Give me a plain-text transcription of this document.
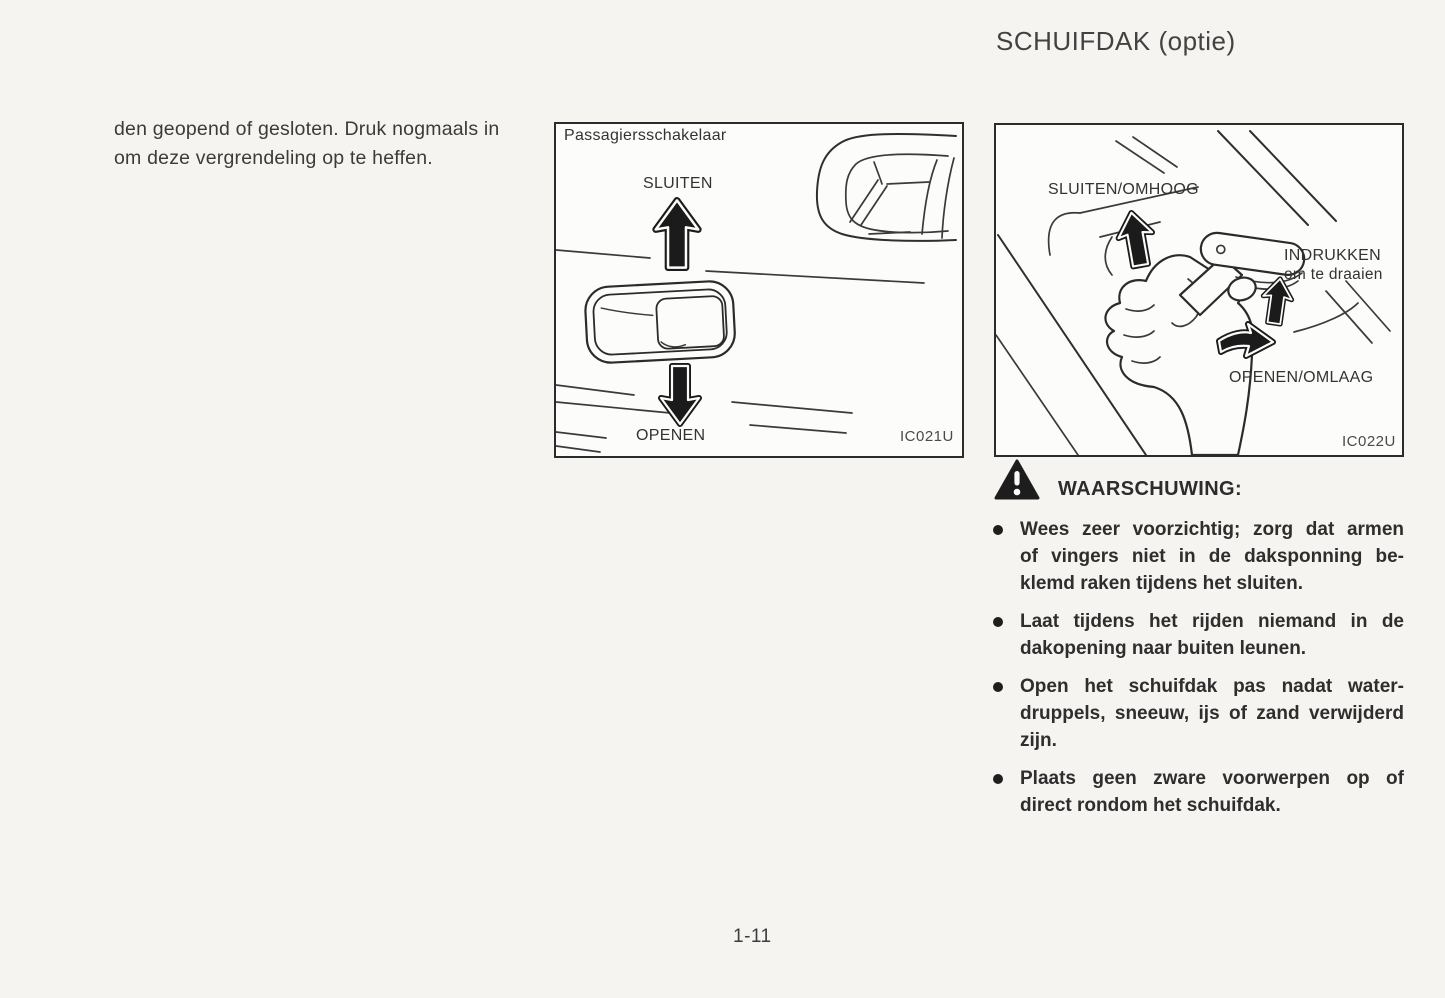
SCHUIFDAK (optie)
den geopend of gesloten. Druk nogmaals in
om deze vergrendeling op te heffen.
Passagiersschakelaar
SLUITEN
OPENEN	IC021U
SLUITEN/OMHOOG
INDRUKKEN
om te draaien
OPENEN/OMLAAG
IC022U
WAARSCHUWING:
Wees zeer voorzichtig; zorg dat armen
of vingers niet in de daksponning be-
klemd raken tijdens het sluiten.
Laat tijdens het rijden niemand in de
dakopening naar buiten leunen.
Open het schuifdak pas nadat water-
druppels, sneeuw, ijs of zand verwijderd
zijn.
Plaats geen zware voorwerpen op of
direct rondom het schuifdak.
1-11
